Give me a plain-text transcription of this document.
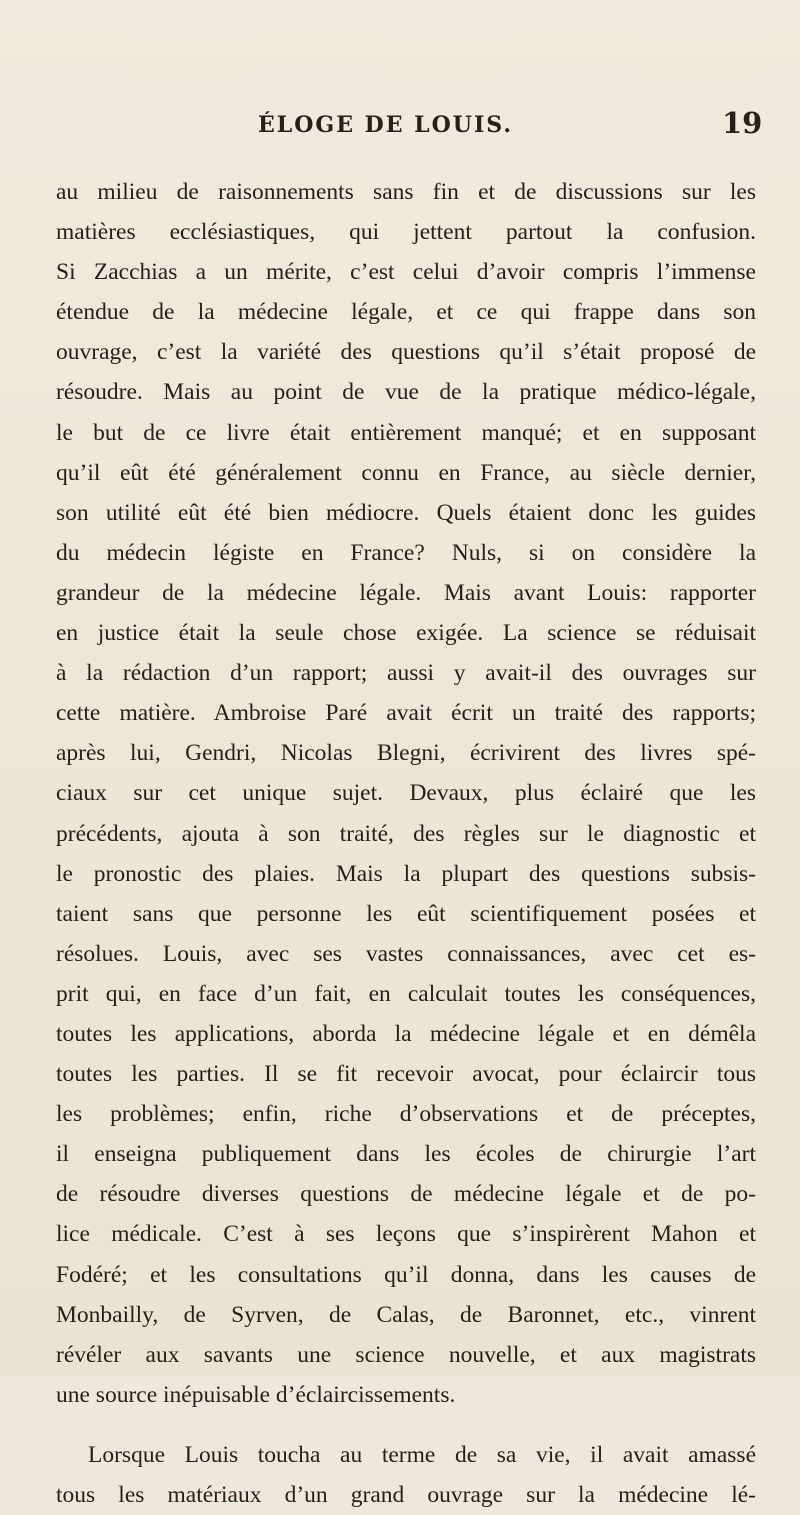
ÉLOGE DE LOUIS.	19
au milieu de raisonnements sans fin et de discussions sur les
matières ecclésiastiques, qui jettent partout la confusion.
Si Zacchias a un mérite, c’est celui d’avoir compris l’immense
étendue de la médecine légale, et ce qui frappe dans son
ouvrage, c’est la variété des questions qu’il s’était proposé de
résoudre. Mais au point de vue de la pratique médico-légale,
le but de ce livre était entièrement manqué; et en supposant
qu’il eût été généralement connu en France, au siècle dernier,
son utilité eût été bien médiocre. Quels étaient donc les guides
du médecin légiste en France? Nuls, si on considère la
grandeur de la médecine légale. Mais avant Louis: rapporter
en justice était la seule chose exigée. La science se réduisait
à la rédaction d’un rapport; aussi y avait-il des ouvrages sur
cette matière. Ambroise Paré avait écrit un traité des rapports;
après lui, Gendri, Nicolas Blegni, écrivirent des livres spé-
ciaux sur cet unique sujet. Devaux, plus éclairé que les
précédents, ajouta à son traité, des règles sur le diagnostic et
le pronostic des plaies. Mais la plupart des questions subsis-
taient sans que personne les eût scientifiquement posées et
résolues. Louis, avec ses vastes connaissances, avec cet es-
prit qui, en face d’un fait, en calculait toutes les conséquences,
toutes les applications, aborda la médecine légale et en démêla
toutes les parties. Il se fit recevoir avocat, pour éclaircir tous
les problèmes; enfin, riche d’observations et de préceptes,
il enseigna publiquement dans les écoles de chirurgie l’art
de résoudre diverses questions de médecine légale et de po-
lice médicale. C’est à ses leçons que s’inspirèrent Mahon et
Fodéré; et les consultations qu’il donna, dans les causes de
Monbailly, de Syrven, de Calas, de Baronnet, etc., vinrent
révéler aux savants une science nouvelle, et aux magistrats
une source inépuisable d’éclaircissements.
Lorsque Louis toucha au terme de sa vie, il avait amassé
tous les matériaux d’un grand ouvrage sur la médecine lé-
